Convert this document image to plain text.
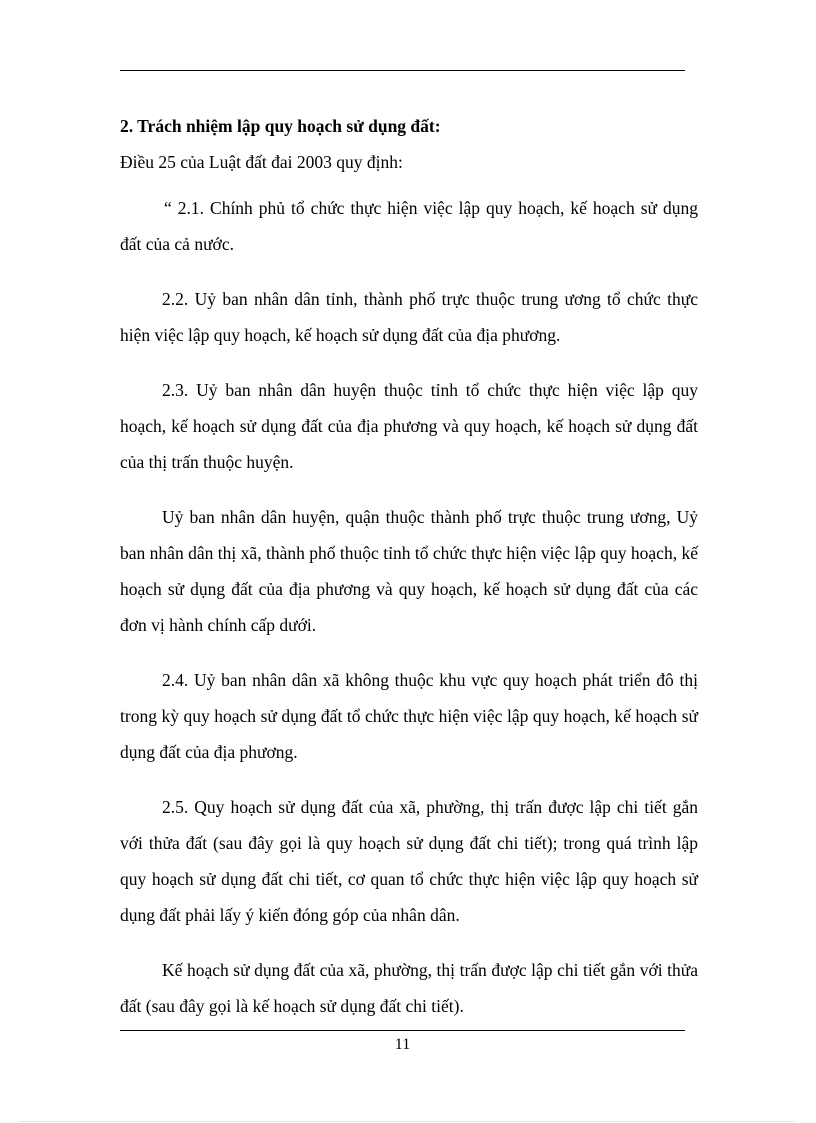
2. Trách nhiệm lập quy hoạch sử dụng đất:

Điều 25 của Luật đất đai 2003 quy định:

“ 2.1. Chính phủ tổ chức thực hiện việc lập quy hoạch, kế hoạch sử dụng đất của cả nước.

2.2. Uỷ ban nhân dân tỉnh, thành phố trực thuộc trung ương tổ chức thực hiện việc lập quy hoạch, kế hoạch sử dụng đất của địa phương.

2.3. Uỷ ban nhân dân huyện thuộc tỉnh tổ chức thực hiện việc lập quy hoạch, kế hoạch sử dụng đất của địa phương và quy hoạch, kế hoạch sử dụng đất của thị trấn thuộc huyện.

Uỷ ban nhân dân huyện, quận thuộc thành phố trực thuộc trung ương, Uỷ ban nhân dân thị xã, thành phố thuộc tỉnh tổ chức thực hiện việc lập quy hoạch, kế hoạch sử dụng đất của địa phương và quy hoạch, kế hoạch sử dụng đất của các đơn vị hành chính cấp dưới.

2.4. Uỷ ban nhân dân xã không thuộc khu vực quy hoạch phát triển đô thị trong kỳ quy hoạch sử dụng đất tổ chức thực hiện việc lập quy hoạch, kế hoạch sử dụng đất của địa phương.

2.5. Quy hoạch sử dụng đất của xã, phường, thị trấn được lập chi tiết gắn với thửa đất (sau đây gọi là quy hoạch sử dụng đất chi tiết); trong quá trình lập quy hoạch sử dụng đất chi tiết, cơ quan tổ chức thực hiện việc lập quy hoạch sử dụng đất phải lấy ý kiến đóng góp của nhân dân.

Kế hoạch sử dụng đất của xã, phường, thị trấn được lập chi tiết gắn với thửa đất (sau đây gọi là kế hoạch sử dụng đất chi tiết).

11
